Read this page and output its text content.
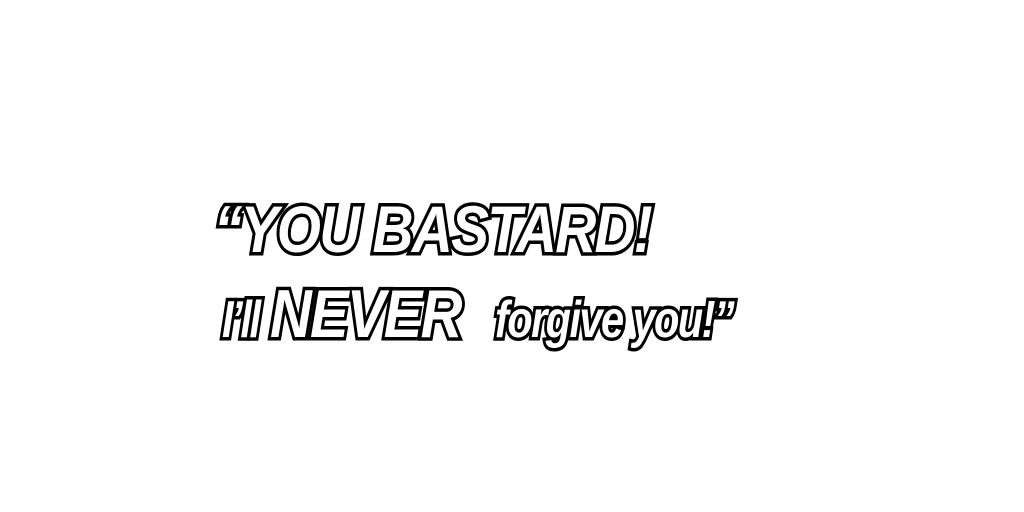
“YOU BASTARD!
I’ll NEVER forgive you!”
